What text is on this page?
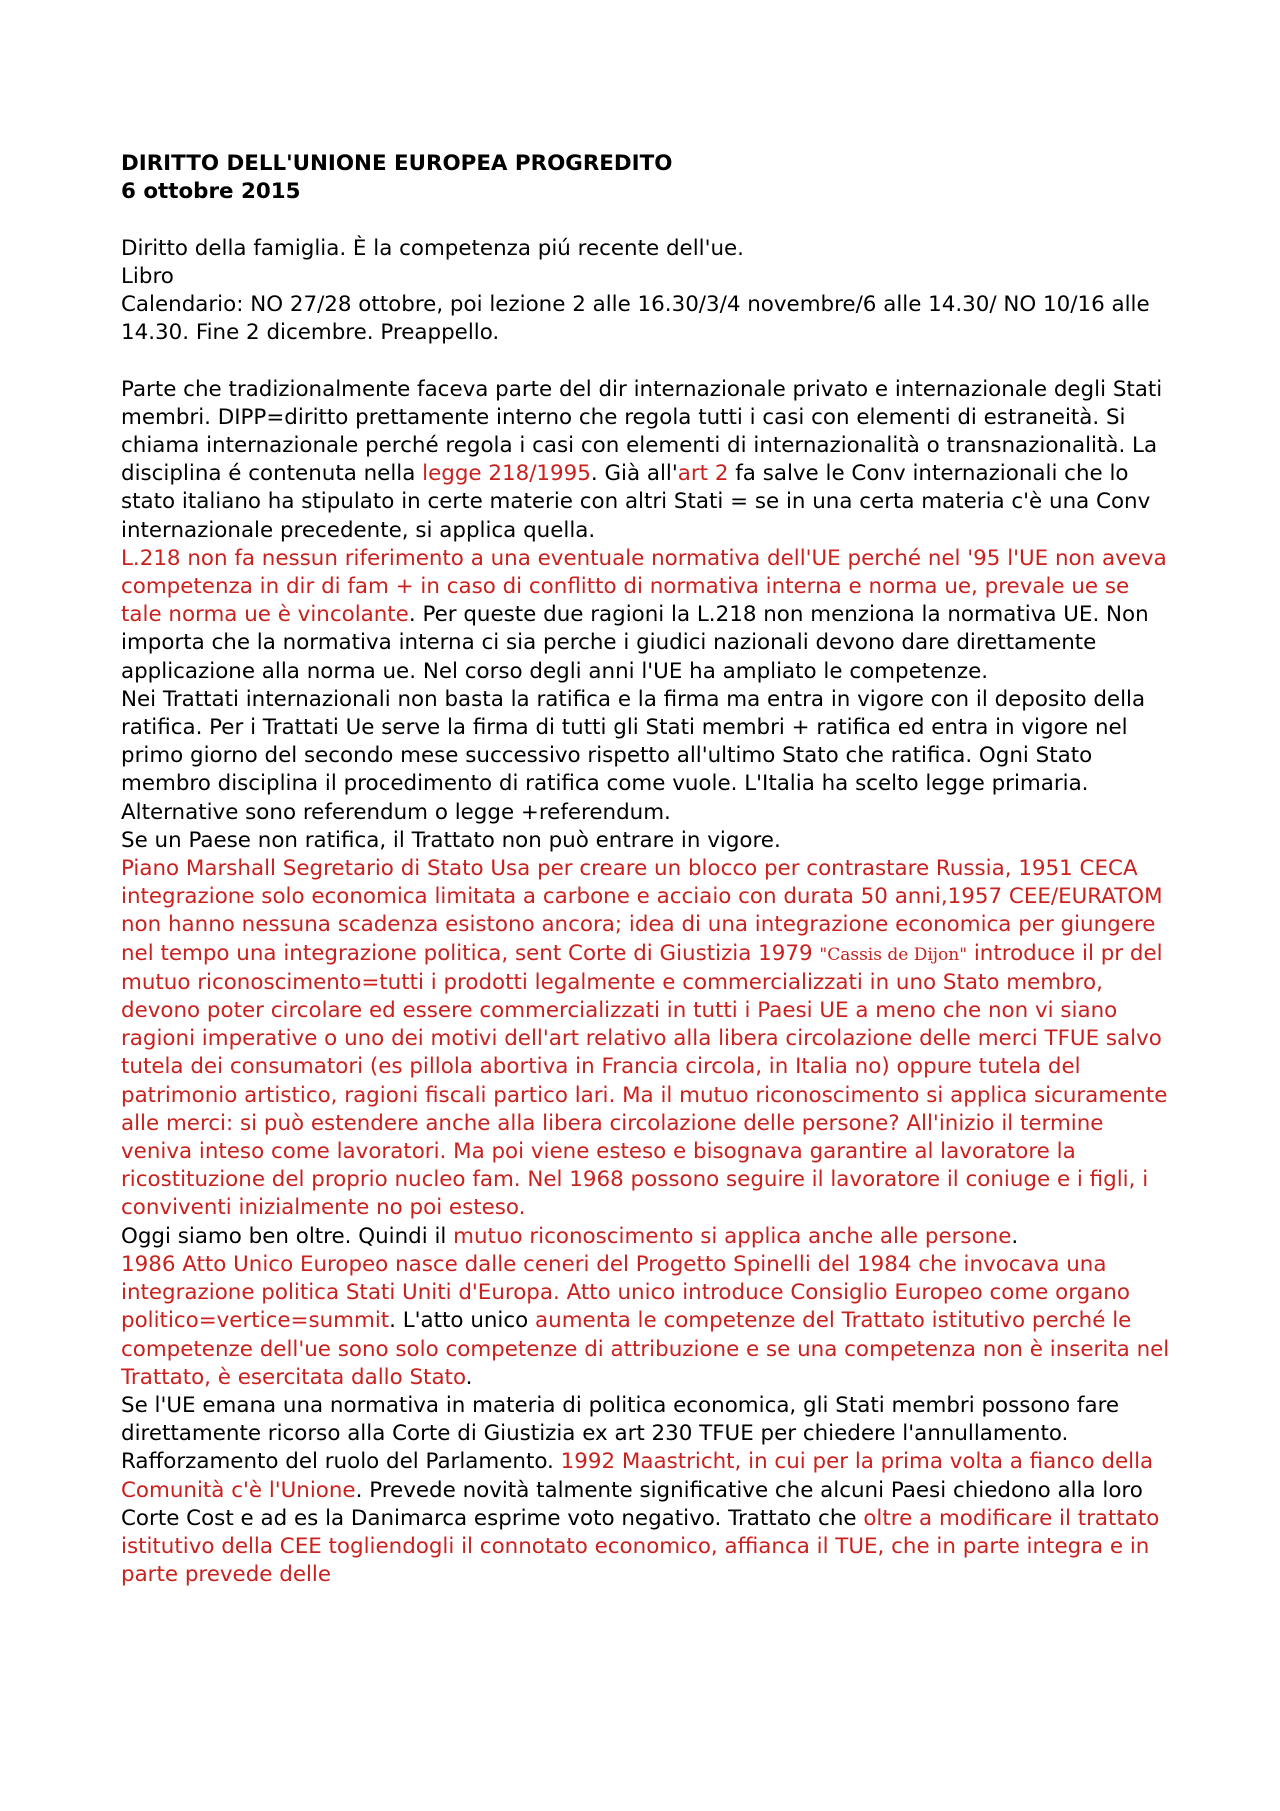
DIRITTO DELL'UNIONE EUROPEA PROGREDITO

6 ottobre 2015

Diritto della famiglia. È la competenza piú recente dell'ue.

Libro

Calendario: NO 27/28 ottobre, poi lezione 2 alle 16.30/3/4 novembre/6 alle 14.30/ NO 10/16 alle 14.30. Fine 2 dicembre. Preappello.

Parte che tradizionalmente faceva parte del dir internazionale privato e internazionale degli Stati membri. DIPP=diritto prettamente interno che regola tutti i casi con elementi di estraneità. Si chiama internazionale perché regola i casi con elementi di internazionalità o transnazionalità. La disciplina é contenuta nella legge 218/1995. Già all'art 2 fa salve le Conv internazionali che lo stato italiano ha stipulato in certe materie con altri Stati = se in una certa materia c'è una Conv internazionale precedente, si applica quella.

L.218 non fa nessun riferimento a una eventuale normativa dell'UE perché nel '95 l'UE non aveva competenza in dir di fam + in caso di conflitto di normativa interna e norma ue, prevale ue se tale norma ue è vincolante. Per queste due ragioni la L.218 non menziona la normativa UE. Non importa che la normativa interna ci sia perche i giudici nazionali devono dare direttamente applicazione alla norma ue. Nel corso degli anni l'UE ha ampliato le competenze.

Nei Trattati internazionali non basta la ratifica e la firma ma entra in vigore con il deposito della ratifica. Per i Trattati Ue serve la firma di tutti gli Stati membri + ratifica ed entra in vigore nel primo giorno del secondo mese successivo rispetto all'ultimo Stato che ratifica. Ogni Stato membro disciplina il procedimento di ratifica come vuole. L'Italia ha scelto legge primaria. Alternative sono referendum o legge +referendum.

Se un Paese non ratifica, il Trattato non può entrare in vigore.

Piano Marshall Segretario di Stato Usa per creare un blocco per contrastare Russia, 1951 CECA integrazione solo economica limitata a carbone e acciaio con durata 50 anni,1957 CEE/EURATOM non hanno nessuna scadenza esistono ancora; idea di una integrazione economica per giungere nel tempo una integrazione politica, sent Corte di Giustizia 1979 "Cassis de Dijon" introduce il pr del mutuo riconoscimento=tutti i prodotti legalmente e commercializzati in uno Stato membro, devono poter circolare ed essere commercializzati in tutti i Paesi UE a meno che non vi siano ragioni imperative o uno dei motivi dell'art relativo alla libera circolazione delle merci TFUE salvo tutela dei consumatori (es pillola abortiva in Francia circola, in Italia no) oppure tutela del patrimonio artistico, ragioni fiscali partico lari. Ma il mutuo riconoscimento si applica sicuramente alle merci: si può estendere anche alla libera circolazione delle persone? All'inizio il termine veniva inteso come lavoratori. Ma poi viene esteso e bisognava garantire al lavoratore la ricostituzione del proprio nucleo fam. Nel 1968 possono seguire il lavoratore il coniuge e i figli, i conviventi inizialmente no poi esteso.

Oggi siamo ben oltre. Quindi il mutuo riconoscimento si applica anche alle persone.

1986 Atto Unico Europeo nasce dalle ceneri del Progetto Spinelli del 1984 che invocava una integrazione politica Stati Uniti d'Europa. Atto unico introduce Consiglio Europeo come organo politico=vertice=summit. L'atto unico aumenta le competenze del Trattato istitutivo perché le competenze dell'ue sono solo competenze di attribuzione e se una competenza non è inserita nel Trattato, è esercitata dallo Stato.

Se l'UE emana una normativa in materia di politica economica, gli Stati membri possono fare direttamente ricorso alla Corte di Giustizia ex art 230 TFUE per chiedere l'annullamento. Rafforzamento del ruolo del Parlamento. 1992 Maastricht, in cui per la prima volta a fianco della Comunità c'è l'Unione. Prevede novità talmente significative che alcuni Paesi chiedono alla loro Corte Cost e ad es la Danimarca esprime voto negativo. Trattato che oltre a modificare il trattato istitutivo della CEE togliendogli il connotato economico, affianca il TUE, che in parte integra e in parte prevede delle
